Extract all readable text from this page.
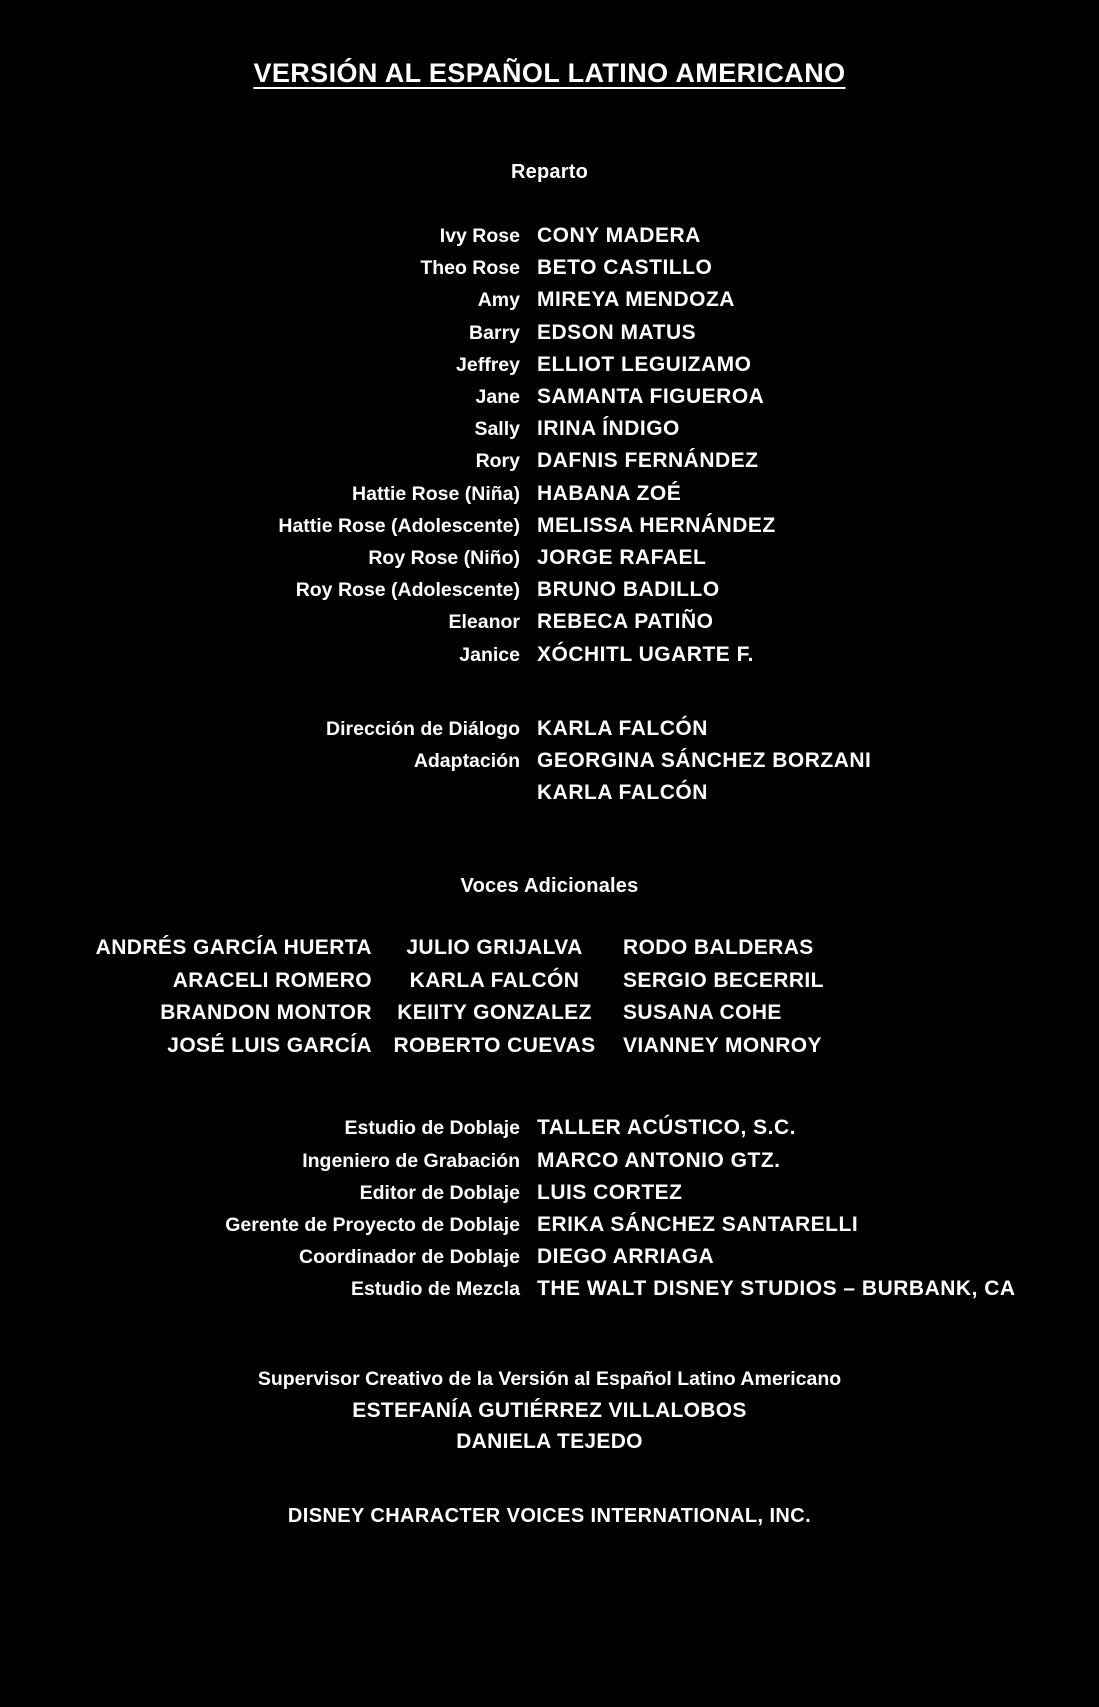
VERSIÓN AL ESPAÑOL LATINO AMERICANO
Reparto
Ivy Rose CONY MADERA
Theo Rose BETO CASTILLO
Amy MIREYA MENDOZA
Barry EDSON MATUS
Jeffrey ELLIOT LEGUIZAMO
Jane SAMANTA FIGUEROA
Sally IRINA ÍNDIGO
Rory DAFNIS FERNÁNDEZ
Hattie Rose (Niña) HABANA ZOÉ
Hattie Rose (Adolescente) MELISSA HERNÁNDEZ
Roy Rose (Niño) JORGE RAFAEL
Roy Rose (Adolescente) BRUNO BADILLO
Eleanor REBECA PATIÑO
Janice XÓCHITL UGARTE F.
Dirección de Diálogo KARLA FALCÓN
Adaptación GEORGINA SÁNCHEZ BORZANI
KARLA FALCÓN
Voces Adicionales
ANDRÉS GARCÍA HUERTA	JULIO GRIJALVA	RODO BALDERAS
ARACELI ROMERO	KARLA FALCÓN	SERGIO BECERRIL
BRANDON MONTOR	KEIITY GONZALEZ	SUSANA COHE
JOSÉ LUIS GARCÍA	ROBERTO CUEVAS	VIANNEY MONROY
Estudio de Doblaje TALLER ACÚSTICO, S.C.
Ingeniero de Grabación MARCO ANTONIO GTZ.
Editor de Doblaje LUIS CORTEZ
Gerente de Proyecto de Doblaje ERIKA SÁNCHEZ SANTARELLI
Coordinador de Doblaje DIEGO ARRIAGA
Estudio de Mezcla THE WALT DISNEY STUDIOS – BURBANK, CA
Supervisor Creativo de la Versión al Español Latino Americano
ESTEFANÍA GUTIÉRREZ VILLALOBOS
DANIELA TEJEDO
DISNEY CHARACTER VOICES INTERNATIONAL, INC.
